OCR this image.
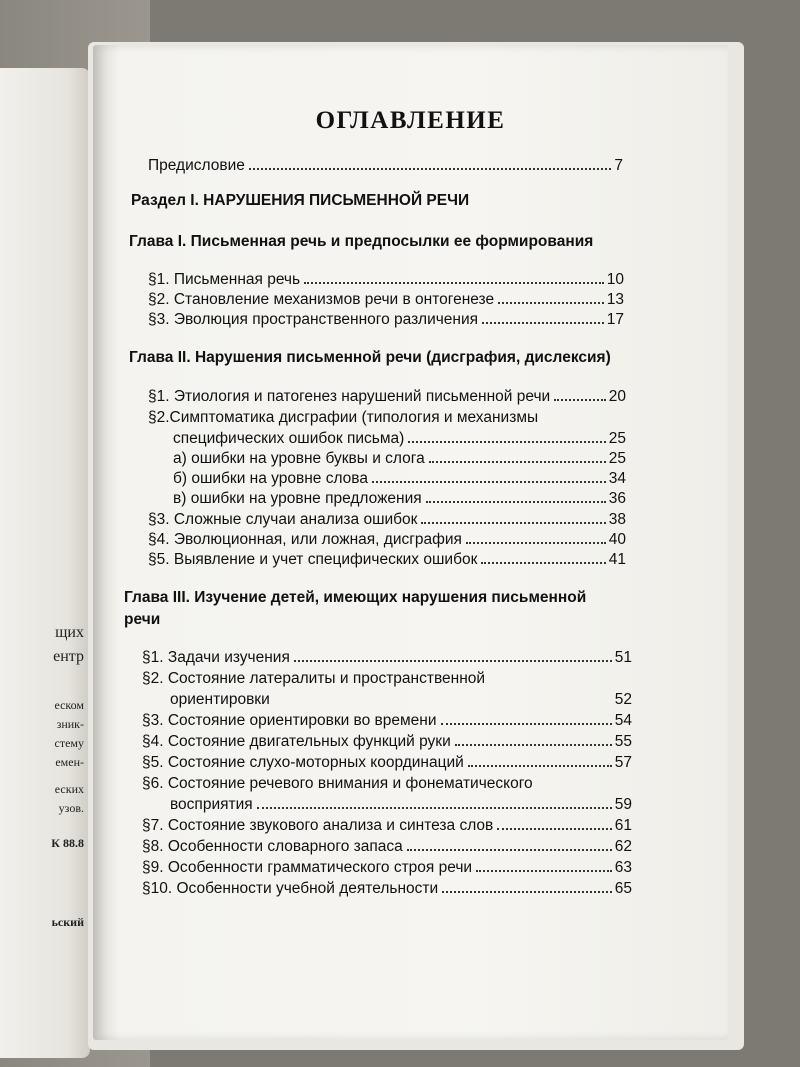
щих
ентр
еском
зник-
стему
емен-
еских
узов.
К 88.8
ьский
ОГЛАВЛЕНИЕ
Предисловие	7
Раздел I. НАРУШЕНИЯ ПИСЬМЕННОЙ РЕЧИ
Глава I. Письменная речь и предпосылки ее формирования
§1. Письменная речь	10
§2. Становление механизмов речи в онтогенезе	13
§3. Эволюция пространственного различения	17
Глава II. Нарушения письменной речи (дисграфия, дислексия)
§1. Этиология и патогенез нарушений письменной речи	20
§2.Симптоматика дисграфии (типология и механизмы
специфических ошибок письма)	25
а) ошибки на уровне буквы и слога	25
б) ошибки на уровне слова	34
в) ошибки на уровне предложения	36
§3. Сложные случаи анализа ошибок	38
§4. Эволюционная, или ложная, дисграфия	40
§5. Выявление и учет специфических ошибок	41
Глава III. Изучение детей, имеющих нарушения письменной
речи
§1. Задачи изучения	51
§2. Состояние латералиты и пространственной
ориентировки	52
§3. Состояние ориентировки во времени	54
§4. Состояние двигательных функций руки	55
§5. Состояние слухо-моторных координаций	57
§6. Состояние речевого внимания и фонематического
восприятия	59
§7. Состояние звукового анализа и синтеза слов	61
§8. Особенности словарного запаса	62
§9. Особенности грамматического строя речи	63
§10. Особенности учебной деятельности	65
